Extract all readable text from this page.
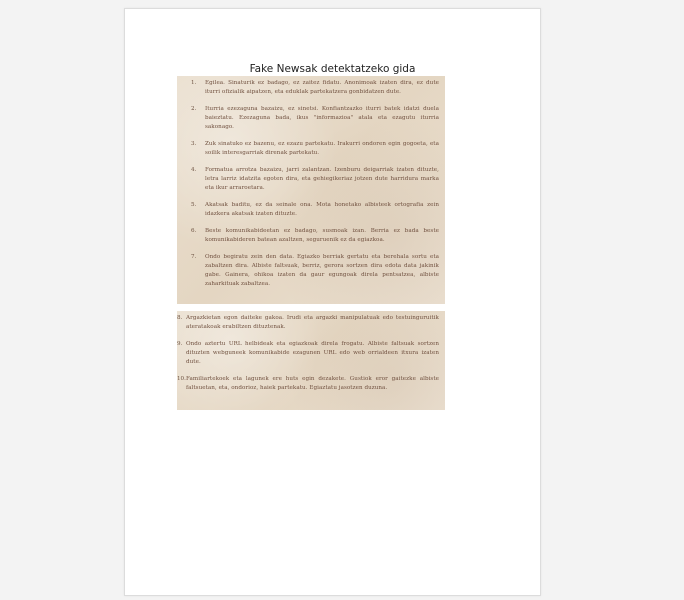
Fake Newsak detektatzeko gida
1.	Egilea. Sinaturik ez badago, ez zaitez fidatu. Anonimoak izaten dira, ez dute iturri ofizialik aipatzen, eta eduklak partekatzera gonbidatzen dute.
2.	Iturria ezezaguna bazaizu, ez sinetsi. Konfiantzazko iturri batek idatzi duela baieztatu. Ezezaguna bada, ikus "informazioa" atala eta ezagutu iturria sakonago.
3.	Zuk sinatuko ez bazenu, ez ezazu partekatu. Irakurri ondoren egin gogoeta, eta soilik interesgarriak direnak partekatu.
4.	Formatua arrotza bazaizu, jarri zalantzan. Izenburu deigarriak izaten dituzte, letra larriz idatzita egoten dira, eta gehiegikeriaz jotzen dute harridura marka eta ikur arraroetara.
5.	Akatsak baditu, ez da seinale ona. Mota honetako albisteek ortografia zein idazkera akatsak izaten dituzte.
6.	Beste komunikabideetan ez badago, susmoak izan. Berria ez bada beste komunikabideren batean azaltzen, seguruenik ez da egiazkoa.
7.	Ondo begiratu zein den data. Egiazko berriak gertatu eta berehala sortu eta zabaltzen dira. Albiste faltsuak, berriz, gerora sortzen dira edota data jakinik gabe. Gainera, ohikoa izaten da gaur egungoak direla pentsatzea, albiste zaharkituak zabaltzea.
8. Argazkietan egon daiteke gakoa. Irudi eta argazki manipulatuak edo testuinguruitik ateratakoak erabiltzen dituztenak.
9. Ondo aztertu URL helbideak eta egiazkoak direla frogatu. Albiste faltsuak sortzen dituzten webguneek komunikabide ezagunen URL edo web orrialdeen itxura izaten dute.
10. Familiartekoek eta lagunek ere huts egin dezakete. Gustiok eror gaitezke albiste faltsuetan, eta, ondorioz, haiek partekatu. Egiaztatu jasotzen duzuna.
